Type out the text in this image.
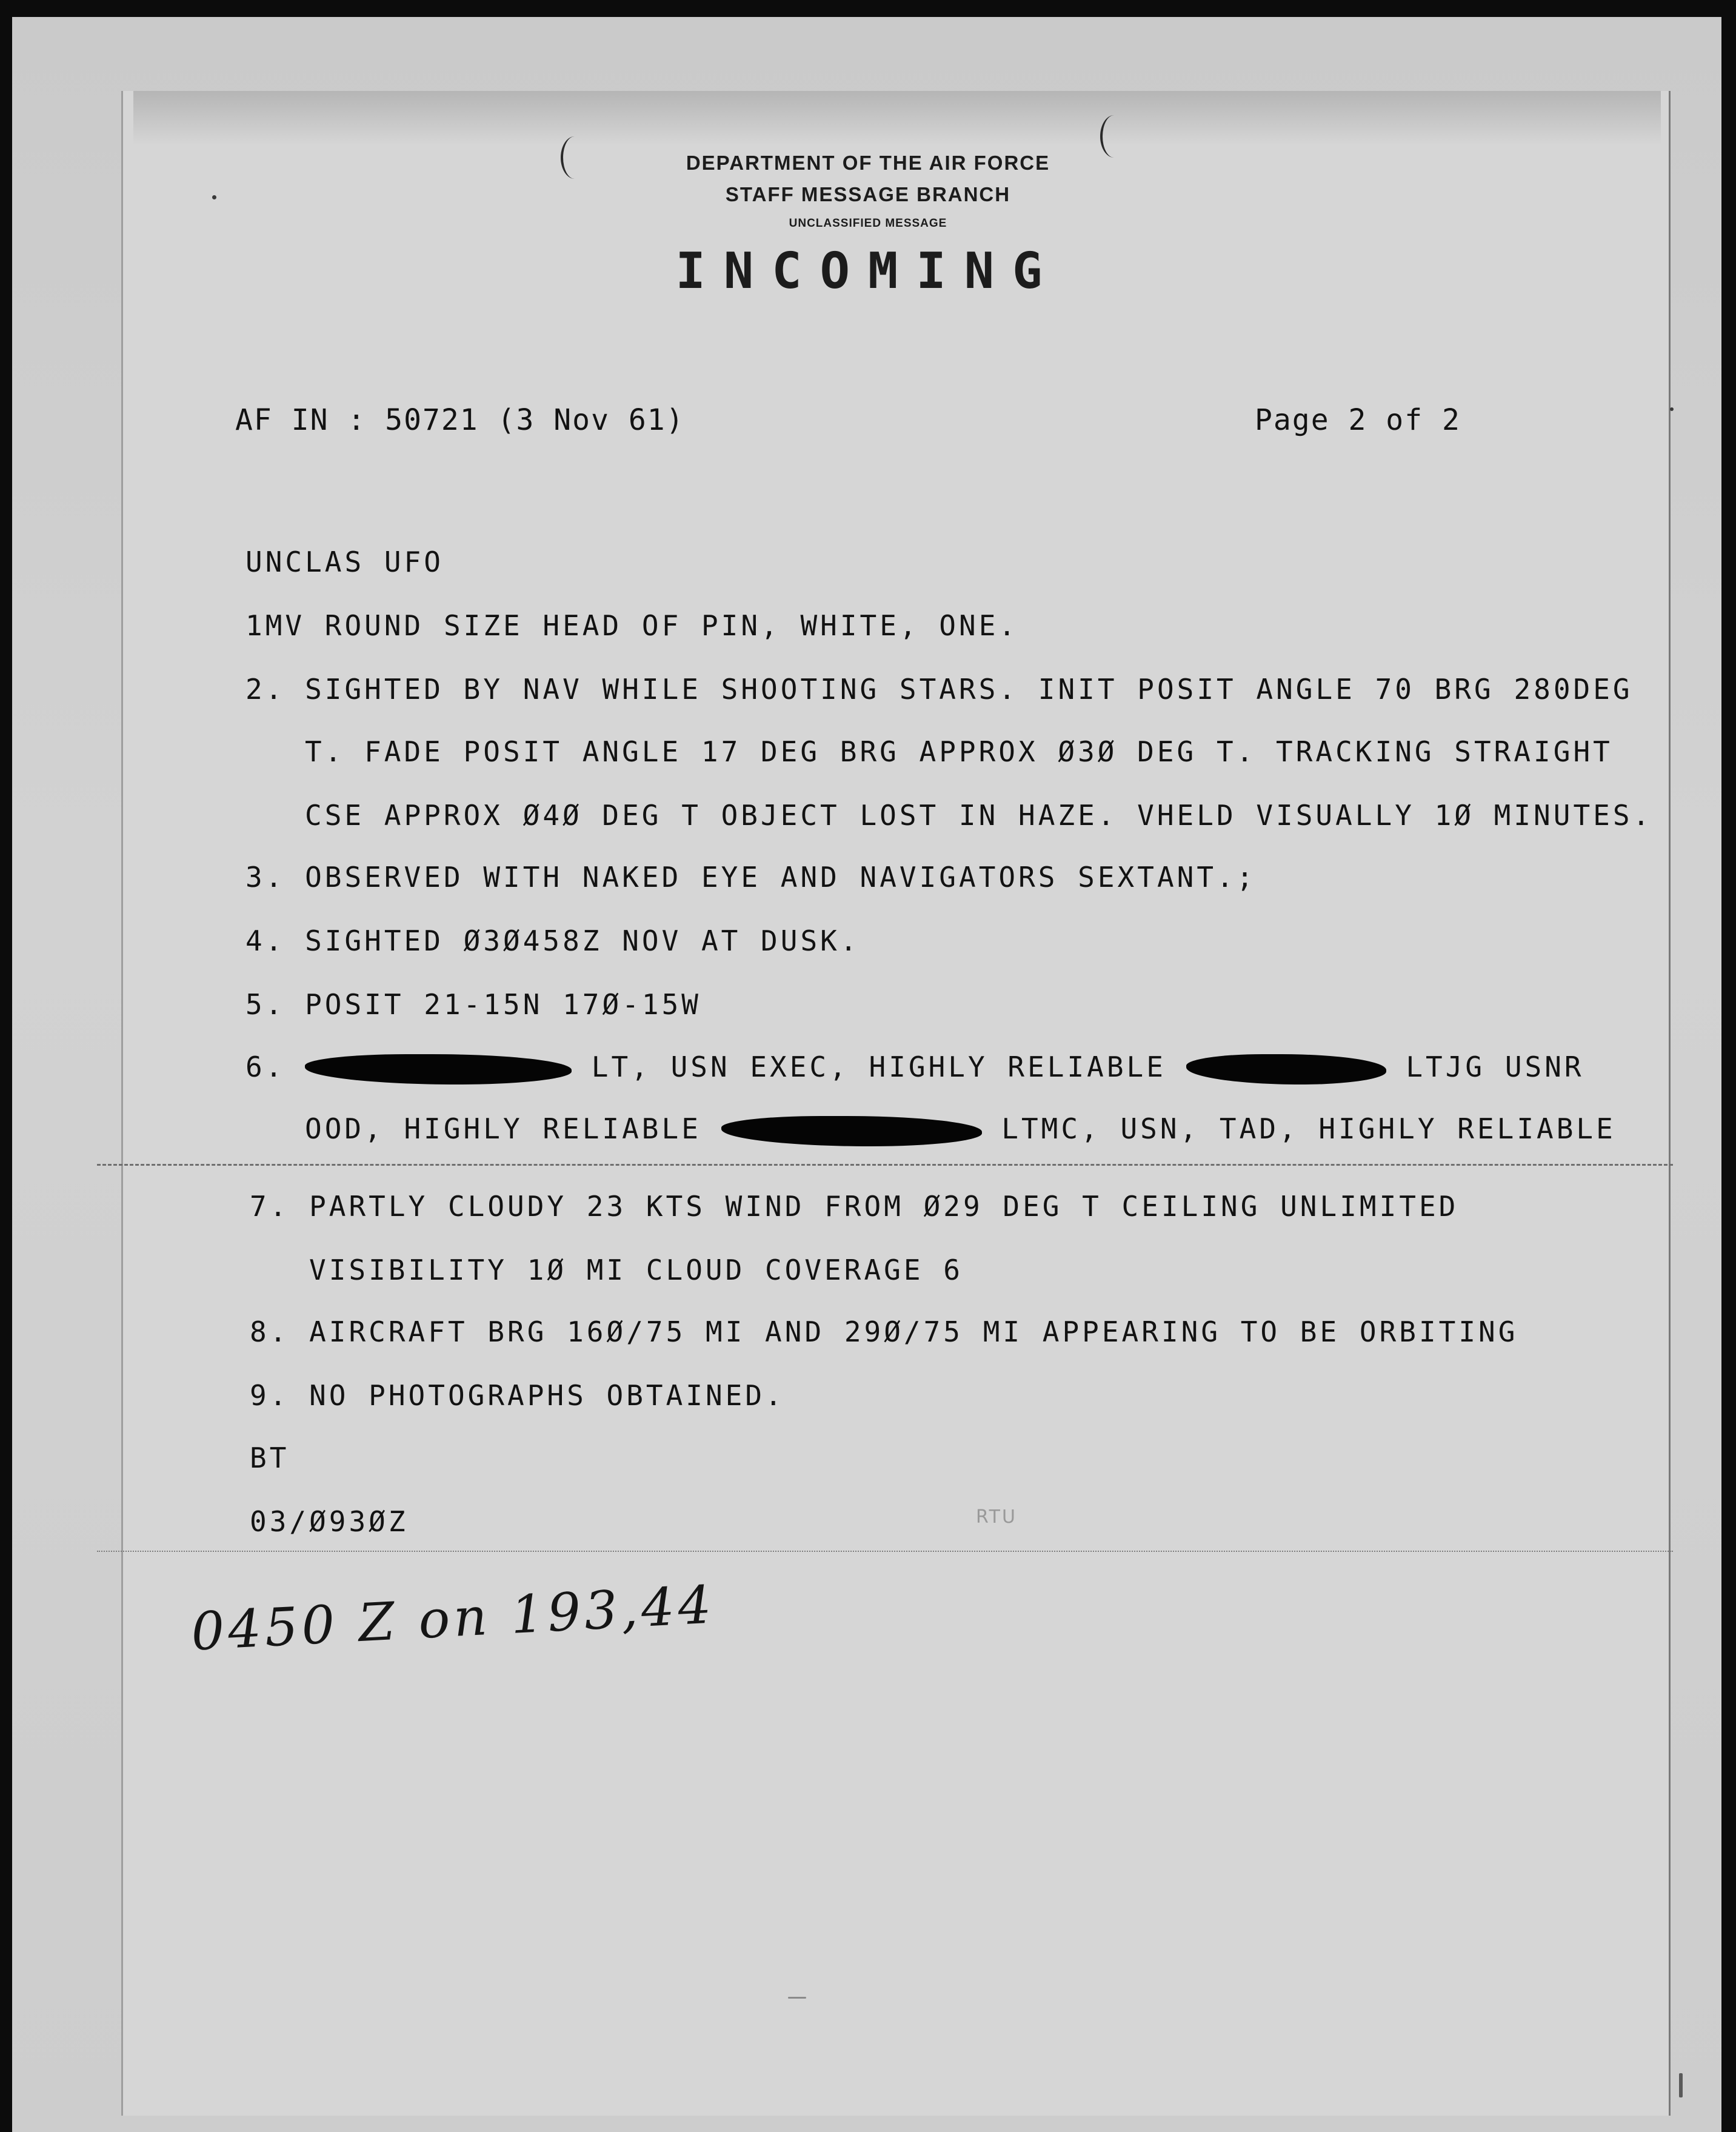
DEPARTMENT OF THE AIR FORCE
STAFF MESSAGE BRANCH
UNCLASSIFIED MESSAGE
INCOMING
AF IN : 50721 (3 Nov 61)	Page 2 of 2
UNCLAS UFO
1MV ROUND SIZE HEAD OF PIN, WHITE, ONE.
2. SIGHTED BY NAV WHILE SHOOTING STARS. INIT POSIT ANGLE 70 BRG 280DEG
T. FADE POSIT ANGLE 17 DEG BRG APPROX Ø3Ø DEG T. TRACKING STRAIGHT
CSE APPROX Ø4Ø DEG T OBJECT LOST IN HAZE. VHELD VISUALLY 1Ø MINUTES.
3. OBSERVED WITH NAKED EYE AND NAVIGATORS SEXTANT.;
4. SIGHTED Ø3Ø458Z NOV AT DUSK.
5. POSIT 21-15N 17Ø-15W
6.	LT, USN EXEC, HIGHLY RELIABLE	LTJG USNR
OOD, HIGHLY RELIABLE	LTMC, USN, TAD, HIGHLY RELIABLE
7. PARTLY CLOUDY 23 KTS WIND FROM Ø29 DEG T CEILING UNLIMITED
VISIBILITY 1Ø MI CLOUD COVERAGE 6
8. AIRCRAFT BRG 16Ø/75 MI AND 29Ø/75 MI APPEARING TO BE ORBITING
9. NO PHOTOGRAPHS OBTAINED.
BT
03/Ø93ØZ	RTU
0450 Z on 193,44
